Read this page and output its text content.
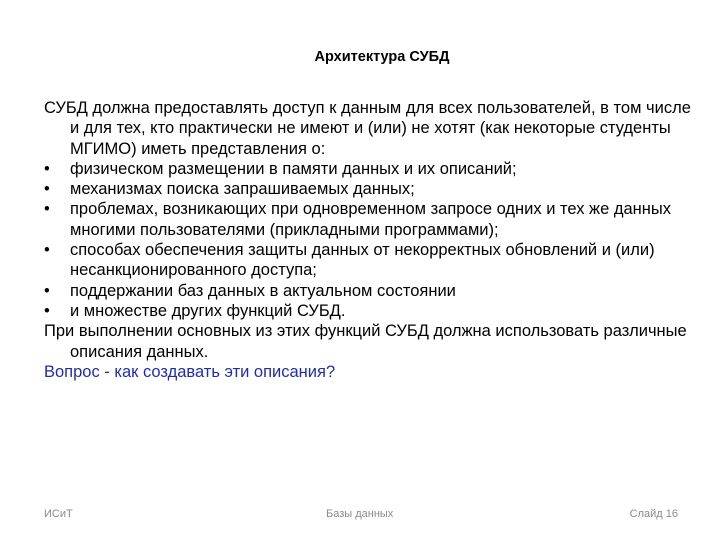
Архитектура СУБД

СУБД должна предоставлять доступ к данным для всех пользователей, в том числе и для тех, кто практически не имеют и (или) не хотят (как некоторые студенты МГИМО) иметь представления о:

•	физическом размещении в памяти данных и их описаний;
•	механизмах поиска запрашиваемых данных;
•	проблемах, возникающих при одновременном запросе одних и тех же данных многими пользователями (прикладными программами);
•	способах обеспечения защиты данных от некорректных обновлений и (или) несанкционированного доступа;
•	поддержании баз данных в актуальном состоянии
•	и множестве других функций СУБД.

При выполнении основных из этих функций СУБД должна использовать различные описания данных.

Вопрос - как создавать эти описания?

ИСиТ	Базы данных	Слайд 16
